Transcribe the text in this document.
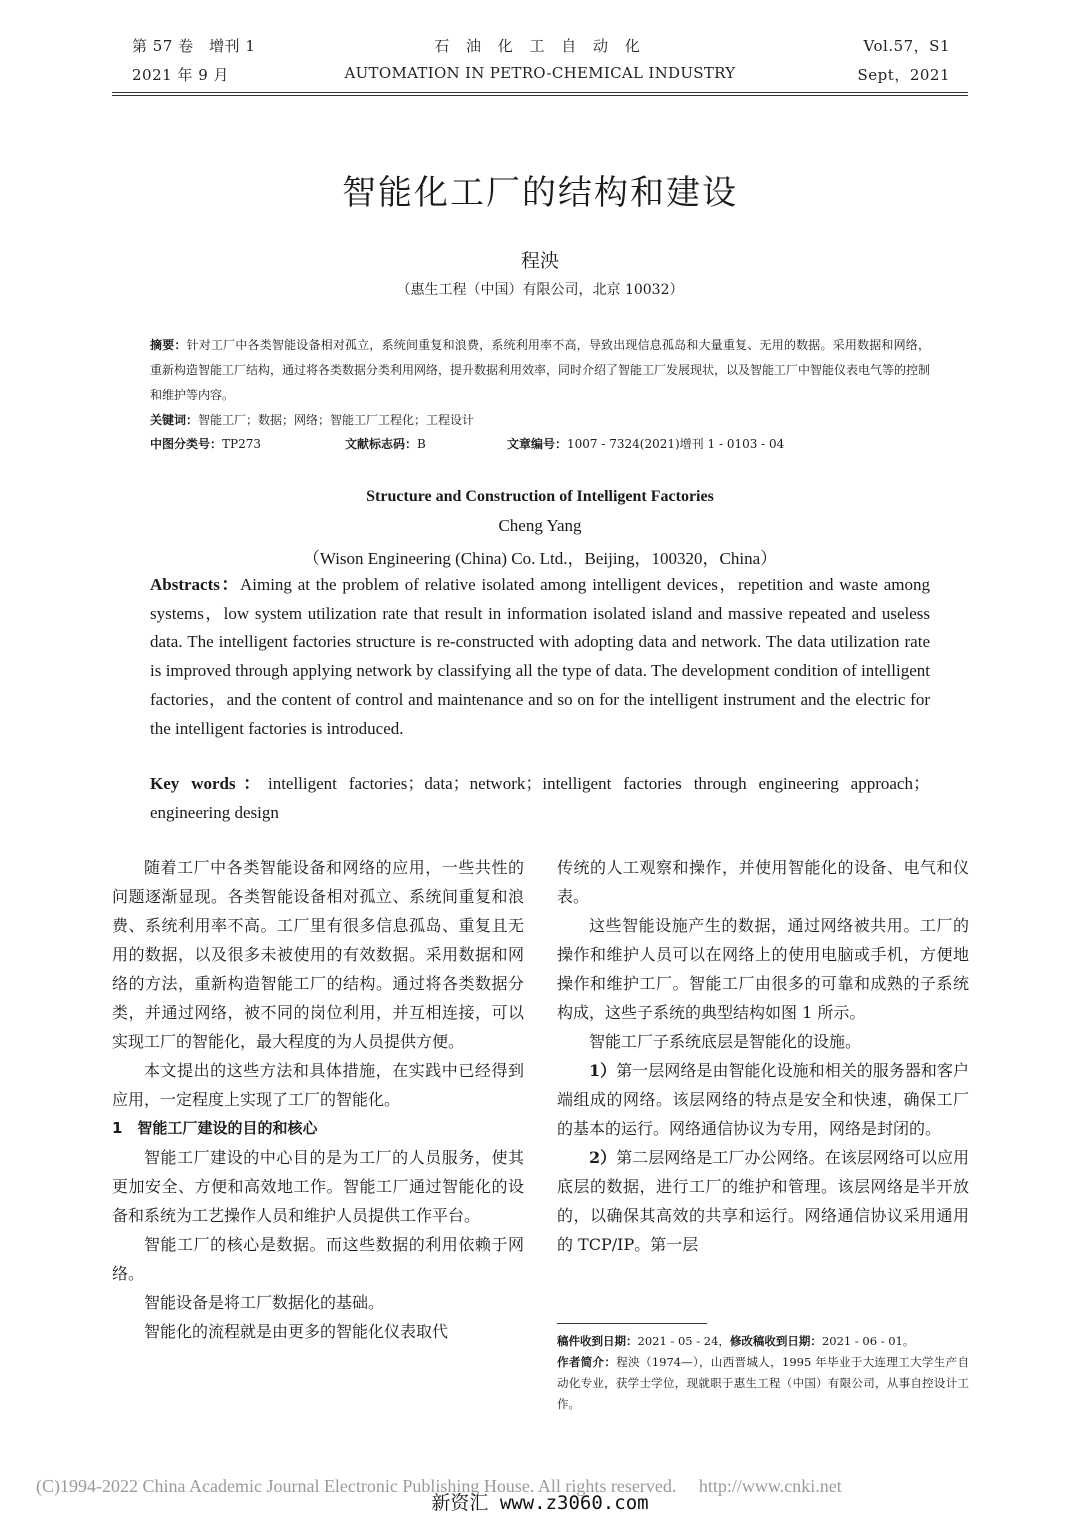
第 57 卷　增刊 1
2021 年 9 月
石 油 化 工 自 动 化
AUTOMATION IN PETRO-CHEMICAL INDUSTRY
Vol.57，S1
Sept，2021
智能化工厂的结构和建设
程泱
（惠生工程（中国）有限公司，北京 10032）
摘要：针对工厂中各类智能设备相对孤立，系统间重复和浪费，系统利用率不高，导致出现信息孤岛和大量重复、无用的数据。采用数据和网络，重新构造智能工厂结构，通过将各类数据分类利用网络，提升数据利用效率，同时介绍了智能工厂发展现状，以及智能工厂中智能仪表电气等的控制和维护等内容。
关键词：智能工厂；数据；网络；智能工厂工程化；工程设计
中图分类号：TP273	文献标志码：B	文章编号：1007 - 7324(2021)增刊 1 - 0103 - 04
Structure and Construction of Intelligent Factories
Cheng Yang
（Wison Engineering (China) Co. Ltd.，Beijing，100320，China）
Abstracts：Aiming at the problem of relative isolated among intelligent devices，repetition and waste among systems，low system utilization rate that result in information isolated island and massive repeated and useless data. The intelligent factories structure is re-constructed with adopting data and network. The data utilization rate is improved through applying network by classifying all the type of data. The development condition of intelligent factories，and the content of control and maintenance and so on for the intelligent instrument and the electric for the intelligent factories is introduced.
Key words：intelligent factories；data；network；intelligent factories through engineering approach；engineering design

随着工厂中各类智能设备和网络的应用，一些共性的问题逐渐显现。各类智能设备相对孤立、系统间重复和浪费、系统利用率不高。工厂里有很多信息孤岛、重复且无用的数据，以及很多未被使用的有效数据。采用数据和网络的方法，重新构造智能工厂的结构。通过将各类数据分类，并通过网络，被不同的岗位利用，并互相连接，可以实现工厂的智能化，最大程度的为人员提供方便。

本文提出的这些方法和具体措施，在实践中已经得到应用，一定程度上实现了工厂的智能化。

1　智能工厂建设的目的和核心

智能工厂建设的中心目的是为工厂的人员服务，使其更加安全、方便和高效地工作。智能工厂通过智能化的设备和系统为工艺操作人员和维护人员提供工作平台。

智能工厂的核心是数据。而这些数据的利用依赖于网络。

智能设备是将工厂数据化的基础。

智能化的流程就是由更多的智能化仪表取代

传统的人工观察和操作，并使用智能化的设备、电气和仪表。

这些智能设施产生的数据，通过网络被共用。工厂的操作和维护人员可以在网络上的使用电脑或手机，方便地操作和维护工厂。智能工厂由很多的可靠和成熟的子系统构成，这些子系统的典型结构如图 1 所示。

智能工厂子系统底层是智能化的设施。

1）第一层网络是由智能化设施和相关的服务器和客户端组成的网络。该层网络的特点是安全和快速，确保工厂的基本的运行。网络通信协议为专用，网络是封闭的。

2）第二层网络是工厂办公网络。在该层网络可以应用底层的数据，进行工厂的维护和管理。该层网络是半开放的，以确保其高效的共享和运行。网络通信协议采用通用的 TCP/IP。第一层

稿件收到日期：2021 - 05 - 24，修改稿收到日期：2021 - 06 - 01。
作者简介：程泱（1974—），山西晋城人，1995 年毕业于大连理工大学生产自动化专业，获学士学位，现就职于惠生工程（中国）有限公司，从事自控设计工作。
(C)1994-2022 China Academic Journal Electronic Publishing House. All rights reserved.　 http://www.cnki.net
新资汇 www.z3060.com
